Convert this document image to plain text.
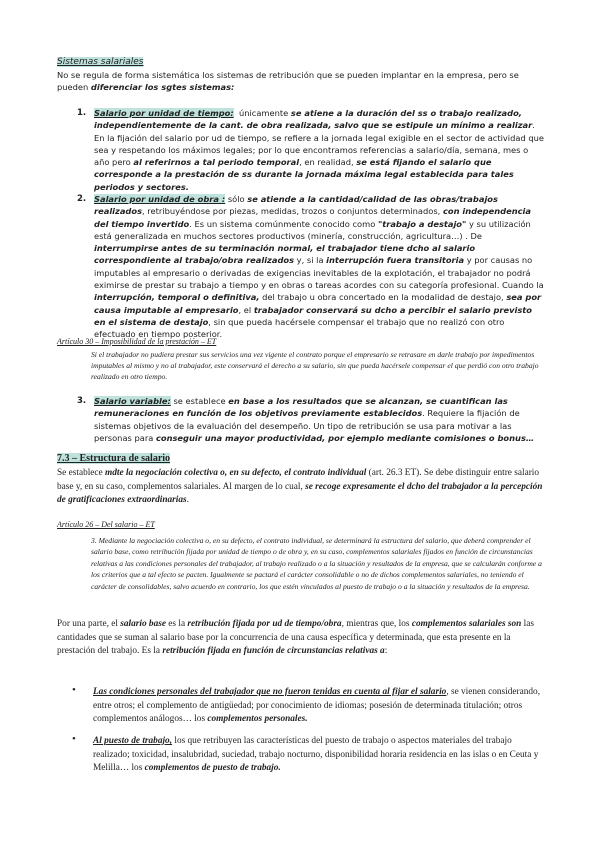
Sistemas salariales
No se regula de forma sistemática los sistemas de retribución que se pueden implantar en la empresa, pero se pueden diferenciar los sgtes sistemas:
1. Salario por unidad de tiempo: únicamente se atiene a la duración del ss o trabajo realizado, independientemente de la cant. de obra realizada, salvo que se estipule un mínimo a realizar. En la fijación del salario por ud de tiempo, se refiere a la jornada legal exigible en el sector de actividad que sea y respetando los máximos legales; por lo que encontramos referencias a salario/día, semana, mes o año pero al referirnos a tal periodo temporal, en realidad, se está fijando el salario que corresponde a la prestación de ss durante la jornada máxima legal establecida para tales periodos y sectores.
2. Salario por unidad de obra : sólo se atiende a la cantidad/calidad de las obras/trabajos realizados, retribuyéndose por piezas, medidas, trozos o conjuntos determinados, con independencia del tiempo invertido. Es un sistema comúnmente conocido como "trabajo a destajo" y su utilización está generalizada en muchos sectores productivos (minería, construcción, agricultura…) . De interrumpirse antes de su terminación normal, el trabajador tiene dcho al salario correspondiente al trabajo/obra realizados y, si la interrupción fuera transitoria y por causas no imputables al empresario o derivadas de exigencias inevitables de la explotación, el trabajador no podrá eximirse de prestar su trabajo a tiempo y en obras o tareas acordes con su categoría profesional. Cuando la interrupción, temporal o definitiva, del trabajo u obra concertado en la modalidad de destajo, sea por causa imputable al empresario, el trabajador conservará su dcho a percibir el salario previsto en el sistema de destajo, sin que pueda hacérsele compensar el trabajo que no realizó con otro efectuado en tiempo posterior.
Artículo 30 – Imposibilidad de la prestación – ET
Si el trabajador no pudiera prestar sus servicios una vez vigente el contrato porque el empresario se retrasare en darle trabajo por impedimentos imputables al mismo y no al trabajador, este conservará el derecho a su salario, sin que pueda hacérsele compensar el que perdió con otro trabajo realizado en otro tiempo.
3. Salario variable: se establece en base a los resultados que se alcanzan, se cuantifican las remuneraciones en función de los objetivos previamente establecidos. Requiere la fijación de sistemas objetivos de la evaluación del desempeño. Un tipo de retribución se usa para motivar a las personas para conseguir una mayor productividad, por ejemplo mediante comisiones o bonus…
7.3 – Estructura de salario
Se establece mdte la negociación colectiva o, en su defecto, el contrato individual (art. 26.3 ET). Se debe distinguir entre salario base y, en su caso, complementos salariales. Al margen de lo cual, se recoge expresamente el dcho del trabajador a la percepción de gratificaciones extraordinarias.
Artículo 26 – Del salario – ET
3. Mediante la negociación colectiva o, en su defecto, el contrato individual, se determinará la estructura del salario, que deberá comprender el salario base, como retribución fijada por unidad de tiempo o de obra y, en su caso, complementos salariales fijados en función de circunstancias relativas a las condiciones personales del trabajador, al trabajo realizado o a la situación y resultados de la empresa, que se calcularán conforme a los criterios que a tal efecto se pacten. Igualmente se pactará el carácter consolidable o no de dichos complementos salariales, no teniendo el carácter de consolidables, salvo acuerdo en contrario, los que estén vinculados al puesto de trabajo o a la situación y resultados de la empresa.
Por una parte, el salario base es la retribución fijada por ud de tiempo/obra, mientras que, los complementos salariales son las cantidades que se suman al salario base por la concurrencia de una causa específica y determinada, que esta presente en la prestación del trabajo. Es la retribución fijada en función de circunstancias relativas a:
• Las condiciones personales del trabajador que no fueron tenidas en cuenta al fijar el salario, se vienen considerando, entre otros; el complemento de antigüedad; por conocimiento de idiomas; posesión de determinada titulación; otros complementos análogos… los complementos personales.
• Al puesto de trabajo, los que retribuyen las características del puesto de trabajo o aspectos materiales del trabajo realizado; toxicidad, insalubridad, suciedad, trabajo nocturno, disponibilidad horaria residencia en las islas o en Ceuta y Melilla… los complementos de puesto de trabajo.
